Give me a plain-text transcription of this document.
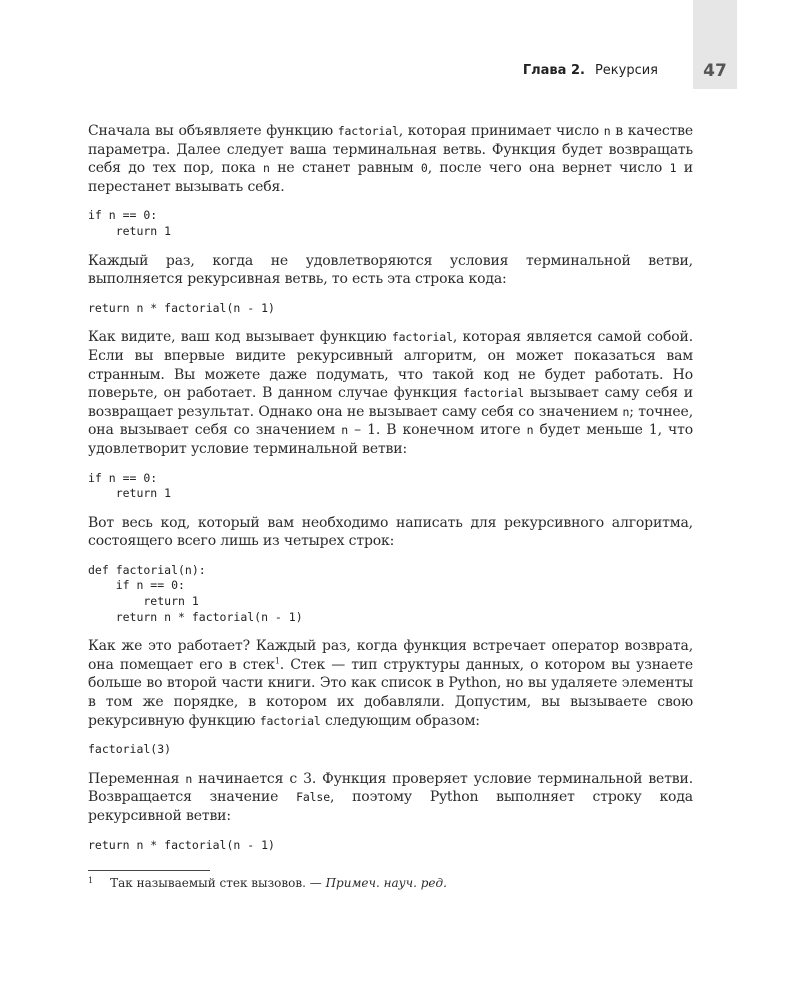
47
Глава 2. Рекурсия

Сначала вы объявляете функцию factorial, которая принимает число n в качестве параметра. Далее следует ваша терминальная ветвь. Функция будет возвращать себя до тех пор, пока n не станет равным 0, после чего она вернет число 1 и перестанет вызывать себя.

if n == 0:
return 1

Каждый раз, когда не удовлетворяются условия терминальной ветви, выполняется рекурсивная ветвь, то есть эта строка кода:

return n * factorial(n - 1)

Как видите, ваш код вызывает функцию factorial, которая является самой собой. Если вы впервые видите рекурсивный алгоритм, он может показаться вам странным. Вы можете даже подумать, что такой код не будет работать. Но поверьте, он работает. В данном случае функция factorial вызывает саму себя и возвращает результат. Однако она не вызывает саму себя со значением n; точнее, она вызывает себя со значением n – 1. В конечном итоге n будет меньше 1, что удовлетворит условие терминальной ветви:

if n == 0:
return 1

Вот весь код, который вам необходимо написать для рекурсивного алгоритма, состоящего всего лишь из четырех строк:

def factorial(n):
if n == 0:
return 1
return n * factorial(n - 1)

Как же это работает? Каждый раз, когда функция встречает оператор возврата, она помещает его в стек$^1$. Стек — тип структуры данных, о котором вы узнаете больше во второй части книги. Это как список в Python, но вы удаляете элементы в том же порядке, в котором их добавляли. Допустим, вы вызываете свою рекурсивную функцию factorial следующим образом:

factorial(3)

Переменная n начинается с 3. Функция проверяет условие терминальной ветви. Возвращается значение False, поэтому Python выполняет строку кода рекурсивной ветви:

return n * factorial(n - 1)
$^1$ Так называемый стек вызовов. — Примеч. науч. ред.
